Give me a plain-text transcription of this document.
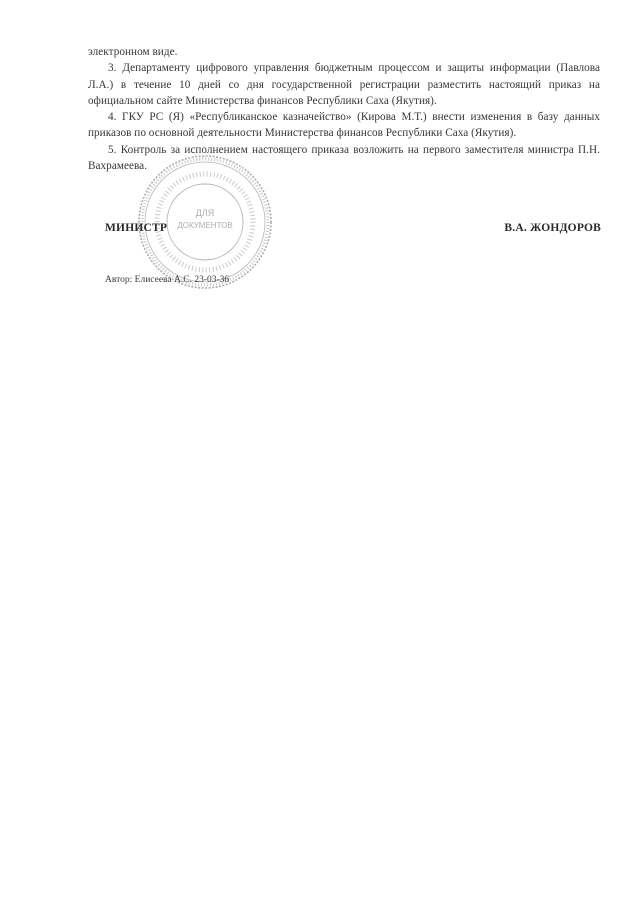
электронном виде.

3. Департаменту цифрового управления бюджетным процессом и защиты информации (Павлова Л.А.) в течение 10 дней со дня государственной регистрации разместить настоящий приказ на официальном сайте Министерства финансов Республики Саха (Якутия).

4. ГКУ РС (Я) «Республиканское казначейство» (Кирова М.Т.) внести изменения в базу данных приказов по основной деятельности Министерства финансов Республики Саха (Якутия).

5. Контроль за исполнением настоящего приказа возложить на первого заместителя министра П.Н. Вахрамеева.

ДЛЯ
ДОКУМЕНТОВ
МИНИСТР	В.А. ЖОНДОРОВ
Автор: Елисеева А.С. 23-03-36
